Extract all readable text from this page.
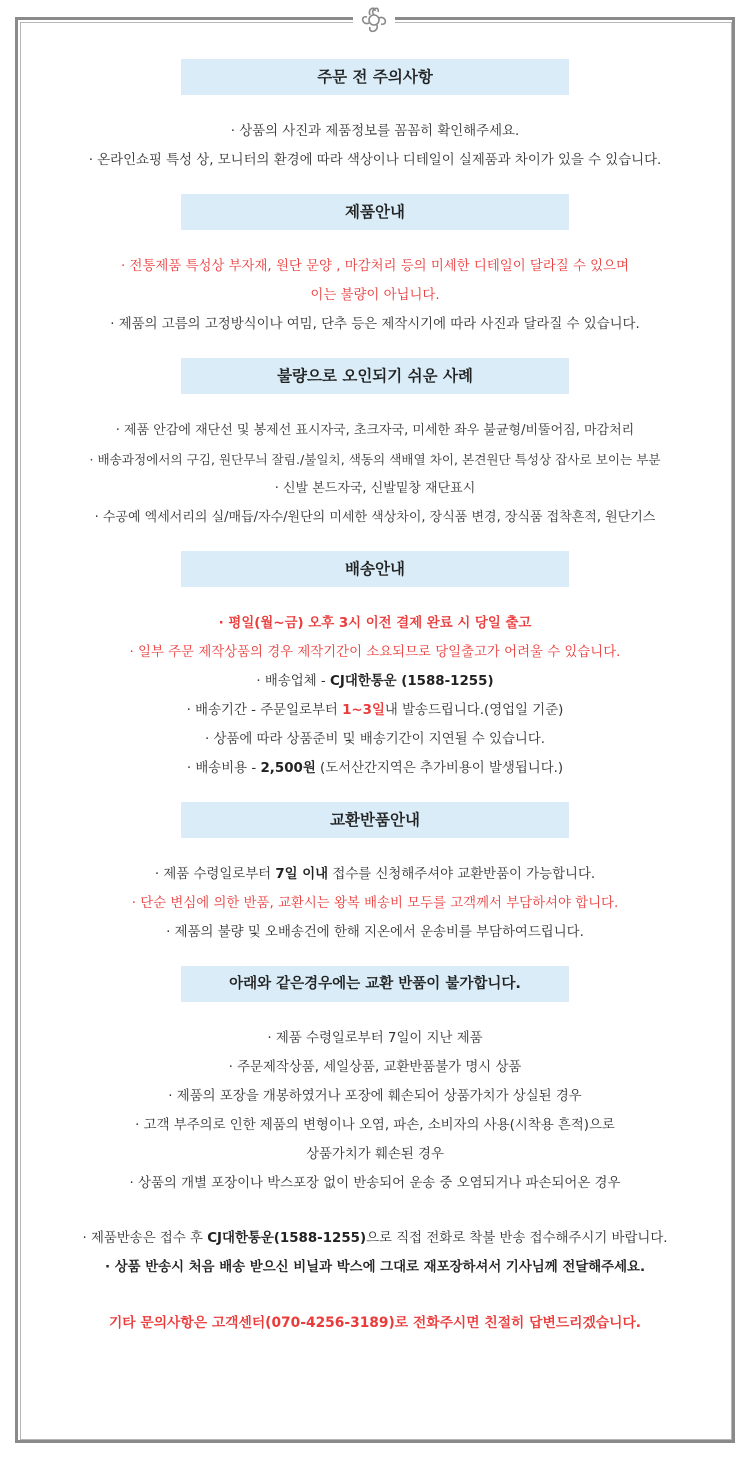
주문 전 주의사항
· 상품의 사진과 제품정보를 꼼꼼히 확인해주세요.
· 온라인쇼핑 특성 상, 모니터의 환경에 따라 색상이나 디테일이 실제품과 차이가 있을 수 있습니다.
제품안내
· 전통제품 특성상 부자재, 원단 문양 , 마감처리 등의 미세한 디테일이 달라질 수 있으며
이는 불량이 아닙니다.
· 제품의 고름의 고정방식이나 여밈, 단추 등은 제작시기에 따라 사진과 달라질 수 있습니다.
불량으로 오인되기 쉬운 사례
· 제품 안감에 재단선 및 봉제선 표시자국, 초크자국, 미세한 좌우 불균형/비뚤어짐, 마감처리
· 배송과정에서의 구김, 원단무늬 잘림./불일치, 색동의 색배열 차이, 본견원단 특성상 잡사로 보이는 부분
· 신발 본드자국, 신발밑창 재단표시
· 수공예 엑세서리의 실/매듭/자수/원단의 미세한 색상차이, 장식품 변경, 장식품 접착흔적, 원단기스
배송안내
· 평일(월~금) 오후 3시 이전 결제 완료 시 당일 출고
· 일부 주문 제작상품의 경우 제작기간이 소요되므로 당일출고가 어려울 수 있습니다.
· 배송업체 - CJ대한통운 (1588-1255)
· 배송기간 - 주문일로부터 1~3일내 발송드립니다.(영업일 기준)
· 상품에 따라 상품준비 및 배송기간이 지연될 수 있습니다.
· 배송비용 - 2,500원 (도서산간지역은 추가비용이 발생됩니다.)
교환반품안내
· 제품 수령일로부터 7일 이내 접수를 신청해주셔야 교환반품이 가능합니다.
· 단순 변심에 의한 반품, 교환시는 왕복 배송비 모두를 고객께서 부담하셔야 합니다.
· 제품의 불량 및 오배송건에 한해 지온에서 운송비를 부담하여드립니다.
아래와 같은경우에는 교환 반품이 불가합니다.
· 제품 수령일로부터 7일이 지난 제품
· 주문제작상품, 세일상품, 교환반품불가 명시 상품
· 제품의 포장을 개봉하였거나 포장에 훼손되어 상품가치가 상실된 경우
· 고객 부주의로 인한 제품의 변형이나 오염, 파손, 소비자의 사용(시착용 흔적)으로
상품가치가 훼손된 경우
· 상품의 개별 포장이나 박스포장 없이 반송되어 운송 중 오염되거나 파손되어온 경우
· 제품반송은 접수 후 CJ대한통운(1588-1255)으로 직접 전화로 착불 반송 접수해주시기 바랍니다.
· 상품 반송시 처음 배송 받으신 비닐과 박스에 그대로 재포장하셔서 기사님께 전달해주세요.
기타 문의사항은 고객센터(070-4256-3189)로 전화주시면 친절히 답변드리겠습니다.
